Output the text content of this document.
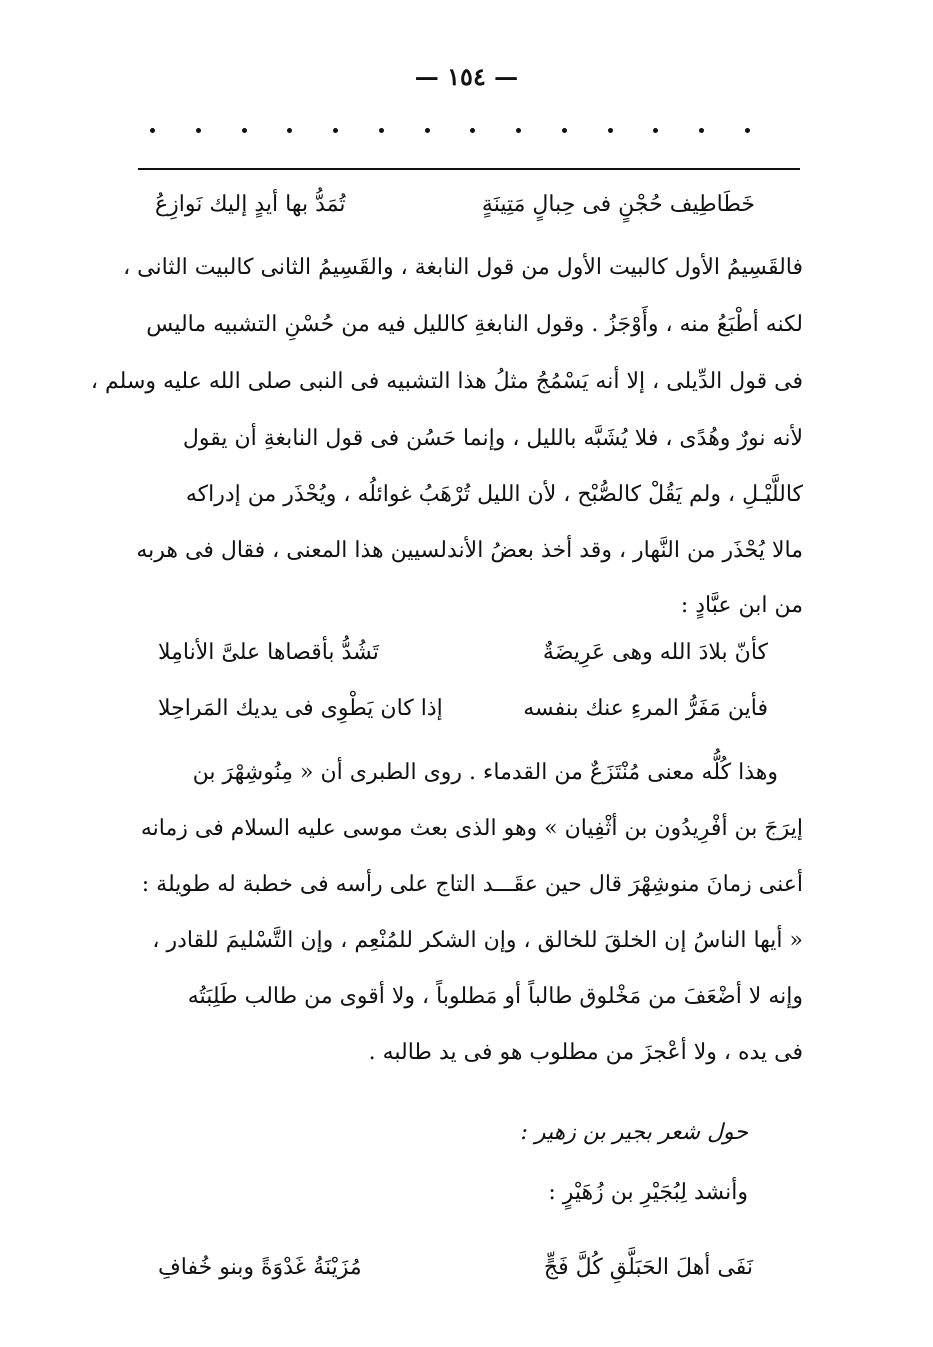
— ١٥٤ —
خَطَاطِيف حُجْنٍ فى حِبالٍ مَتِينَةٍ
تُمَدُّ بها أيدٍ إليك نَوازِعُ
فالقَسِيمُ الأول كالبيت الأول من قول النابغة ، والقَسِيمُ الثانى كالبيت الثانى ،
لكنه أطْبَعُ منه ، وأَوْجَزُ . وقول النابغةِ كالليل فيه من حُسْنِ التشبيه ماليس
فى قول الدِّيلى ، إلا أنه يَسْمُجُ مثلُ هذا التشبيه فى النبى صلى الله عليه وسلم ،
لأنه نورٌ وهُدًى ، فلا يُشَبَّه بالليل ، وإنما حَسُن فى قول النابغةِ أن يقول
كاللَّيْـلِ ، ولم يَقُلْ كالصُّبْح ، لأن الليل تُرْهَبُ غوائلُه ، ويُحْذَر من إدراكه
مالا يُحْذَر من النَّهار ، وقد أخذ بعضُ الأندلسيين هذا المعنى ، فقال فى هربه
من ابن عبَّادٍ :
كأنّ بلادَ الله وهى عَرِيضَةٌ
تَشُدُّ بأقصاها علىَّ الأنامِلا
فأين مَفَرُّ المرءِ عنك بنفسه
إذا كان يَطْوِى فى يديك المَراحِلا
وهذا كُلُّه معنى مُنْتَزَعٌ من القدماء . روى الطبرى أن « مِنُوشِهْرَ بن
إيرَجَ بن أفْرِيدُون بن أثْفِيان » وهو الذى بعث موسى عليه السلام فى زمانه
أعنى زمانَ منوشِهْرَ قال حين عقَـــد التاج على رأسه فى خطبة له طويلة :
« أيها الناسُ إن الخلقَ للخالق ، وإن الشكر للمُنْعِم ، وإن التَّسْليمَ للقادر ،
وإنه لا أضْعَفَ من مَخْلوق طالباً أو مَطلوباً ، ولا أقوى من طالب طَلِبَتُه
فى يده ، ولا أعْجزَ من مطلوب هو فى يد طالبه .
حول شعر بجير بن زهير :
وأنشد لِبُجَيْرِ بن زُهَيْرٍ :
نَفَى أهلَ الحَبَلَّقِ كُلَّ فَجٍّ
مُزَيْنَةُ غَدْوَةً وبنو خُفافِ
